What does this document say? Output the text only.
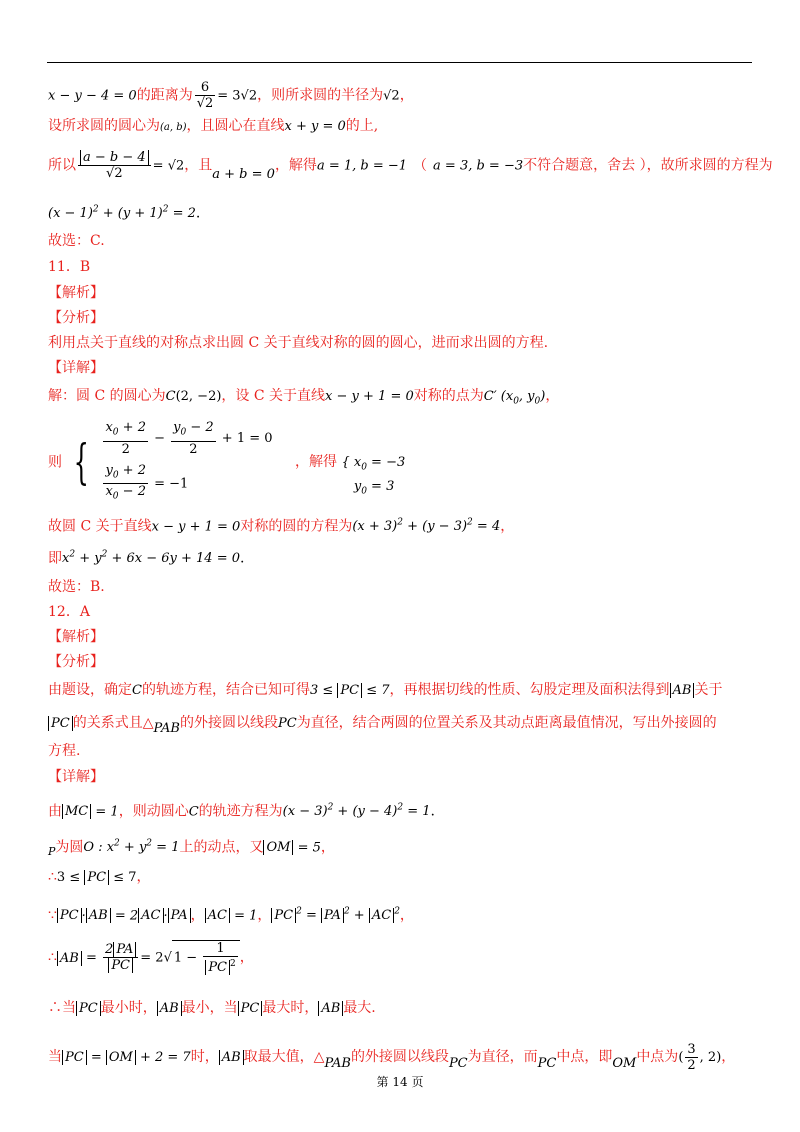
x − y − 4 = 0的距离为 $\frac{6}{√2} = 3√2$，则所求圆的半径为√2，
设所求圆的圆心为(a, b)，且圆心在直线x + y = 0的上,
所以 $\frac{a - b - 4}{√2} = √2$，且a + b = 0，解得a = 1, b = −1 （ a = 3, b = −3不符合题意，舍去 ），故所求圆的方程为
$(x - 1)^2 + (y + 1)^2 = 2$.
故选：C.
11．B
【解析】
【分析】
利用点关于直线的对称点求出圆 C 关于直线对称的圆的圆心，进而求出圆的方程.
【详解】
解：圆 C 的圆心为C(2, −2)，设 C 关于直线x − y + 1 = 0对称的点为C′ ($x_0$, $y_0$)，
则 { $\frac{x_0 + 2}{2} - \frac{y_0 - 2}{2} + 1 = 0$
$\frac{y_0 + 2}{x_0 - 2} = -1$
，解得 { $x_0 = -3$
$y_0 = 3$
故圆 C 关于直线x − y + 1 = 0对称的圆的方程为$(x + 3)^2 + (y - 3)^2 = 4$，
即$x^2 + y^2 + 6x - 6y + 14 = 0$.
故选：B.
12．A
【解析】
【分析】
由题设，确定C的轨迹方程，结合已知可得3 ≤ PC ≤ 7，再根据切线的性质、勾股定理及面积法得到 AB 关于
PC 的关系式且△PAB的外接圆以线段PC为直径，结合两圆的位置关系及其动点距离最值情况，写出外接圆的
方程.
【详解】
由 MC = 1，则动圆心C的轨迹方程为$(x - 3)^2 + (y - 4)^2 = 1$.
$_P$为圆O : $x^2 + y^2 = 1$上的动点，又 OM = 5，
∴3 ≤ PC ≤ 7，
∵ PC · AB = 2 AC · PA ， AC = 1， PC $^2$ = PA $^2$ + AC $^2$，
∴ AB = $\frac{2 PA}{PC} = 2√$ $1 - \frac{1}{PC ^2}$ ，
∴当 PC 最小时， AB 最小，当 PC 最大时， AB 最大.
当 PC = OM + 2 = 7时， AB 取最大值，△PAB的外接圆以线段PC为直径，而PC中点，即OM中点为( $\frac{3}{2}$ , 2)，
第 14 页
